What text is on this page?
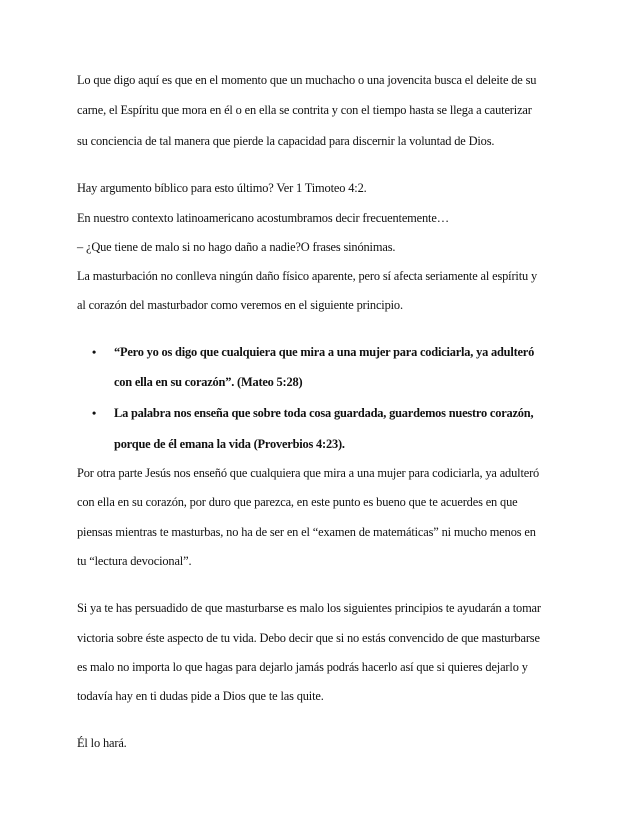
Lo que digo aquí es que en el momento que un muchacho o una jovencita busca el deleite de su
carne, el Espíritu que mora en él o en ella se contrita y con el tiempo hasta se llega a cauterizar
su conciencia de tal manera que pierde la capacidad para discernir la voluntad de Dios.
Hay argumento bíblico para esto último? Ver 1 Timoteo 4:2.
En nuestro contexto latinoamericano acostumbramos decir frecuentemente…
– ¿Que tiene de malo si no hago daño a nadie?O frases sinónimas.
La masturbación no conlleva ningún daño físico aparente, pero sí afecta seriamente al espíritu y
al corazón del masturbador como veremos en el siguiente principio.
• “Pero yo os digo que cualquiera que mira a una mujer para codiciarla, ya adulteró
con ella en su corazón”. (Mateo 5:28)
• La palabra nos enseña que sobre toda cosa guardada, guardemos nuestro corazón,
porque de él emana la vida (Proverbios 4:23).
Por otra parte Jesús nos enseñó que cualquiera que mira a una mujer para codiciarla, ya adulteró
con ella en su corazón, por duro que parezca, en este punto es bueno que te acuerdes en que
piensas mientras te masturbas, no ha de ser en el “examen de matemáticas” ni mucho menos en
tu “lectura devocional”.
Si ya te has persuadido de que masturbarse es malo los siguientes principios te ayudarán a tomar
victoria sobre éste aspecto de tu vida. Debo decir que si no estás convencido de que masturbarse
es malo no importa lo que hagas para dejarlo jamás podrás hacerlo así que si quieres dejarlo y
todavía hay en ti dudas pide a Dios que te las quite.
Él lo hará.
